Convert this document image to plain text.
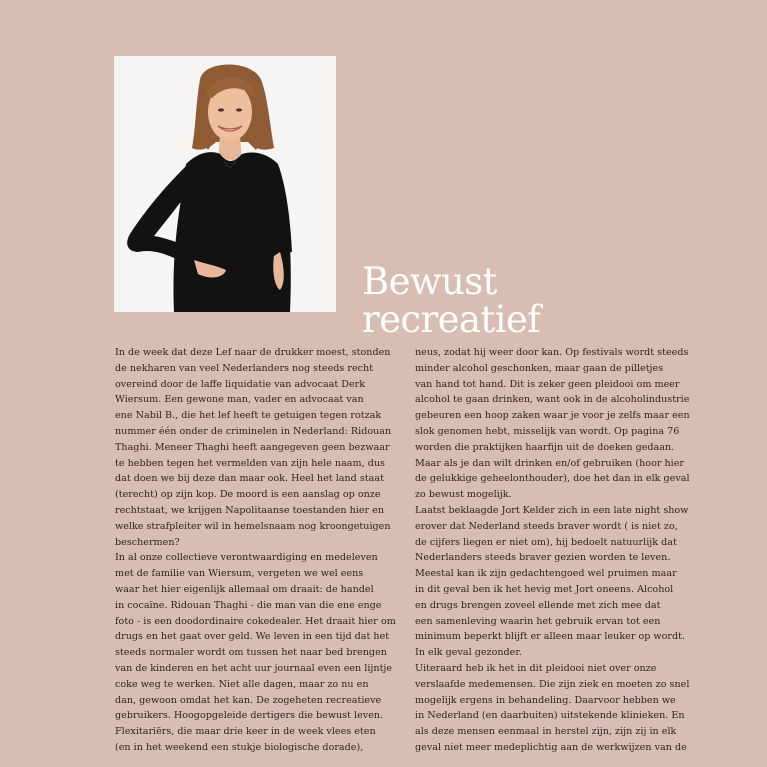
Bewust
recreatief

In de week dat deze Lef naar de drukker moest, stonden

de nekharen van veel Nederlanders nog steeds recht

overeind door de laffe liquidatie van advocaat Derk

Wiersum. Een gewone man, vader en advocaat van

ene Nabil B., die het lef heeft te getuigen tegen rotzak

nummer één onder de criminelen in Nederland: Ridouan

Thaghi. Meneer Thaghi heeft aangegeven geen bezwaar

te hebben tegen het vermelden van zijn hele naam, dus

dat doen we bij deze dan maar ook. Heel het land staat

(terecht) op zijn kop. De moord is een aanslag op onze

rechtstaat, we krijgen Napolitaanse toestanden hier en

welke strafpleiter wil in hemelsnaam nog kroongetuigen

beschermen?

In al onze collectieve verontwaardiging en medeleven

met de familie van Wiersum, vergeten we wel eens

waar het hier eigenlijk allemaal om draait: de handel

in cocaïne. Ridouan Thaghi - die man van die ene enge

foto - is een doodordinaire cokedealer. Het draait hier om

drugs en het gaat over geld. We leven in een tijd dat het

steeds normaler wordt om tussen het naar bed brengen

van de kinderen en het acht uur journaal even een lijntje

coke weg te werken. Niet alle dagen, maar zo nu en

dan, gewoon omdat het kan. De zogeheten recreatieve

gebruikers. Hoogopgeleide dertigers die bewust leven.

Flexitariërs, die maar drie keer in de week vlees eten

(en in het weekend een stukje biologische dorade),

neus, zodat hij weer door kan. Op festivals wordt steeds

minder alcohol geschonken, maar gaan de pilletjes

van hand tot hand. Dit is zeker geen pleidooi om meer

alcohol te gaan drinken, want ook in de alcoholindustrie

gebeuren een hoop zaken waar je voor je zelfs maar een

slok genomen hebt, misselijk van wordt. Op pagina 76

worden die praktijken haarfijn uit de doeken gedaan.

Maar als je dan wilt drinken en/of gebruiken (hoor hier

de gelukkige geheelonthouder), doe het dan in elk geval

zo bewust mogelijk.

Laatst beklaagde Jort Kelder zich in een late night show

erover dat Nederland steeds braver wordt ( is niet zo,

de cijfers liegen er niet om), hij bedoelt natuurlijk dat

Nederlanders steeds braver gezien worden te leven.

Meestal kan ik zijn gedachtengoed wel pruimen maar

in dit geval ben ik het hevig met Jort oneens. Alcohol

en drugs brengen zoveel ellende met zich mee dat

een samenleving waarin het gebruik ervan tot een

minimum beperkt blijft er alleen maar leuker op wordt.

In elk geval gezonder.

Uiteraard heb ik het in dit pleidooi niet over onze

verslaafde medemensen. Die zijn ziek en moeten zo snel

mogelijk ergens in behandeling. Daarvoor hebben we

in Nederland (en daarbuiten) uitstekende klinieken. En

als deze mensen eenmaal in herstel zijn, zijn zij in elk

geval niet meer medeplichtig aan de werkwijzen van de
